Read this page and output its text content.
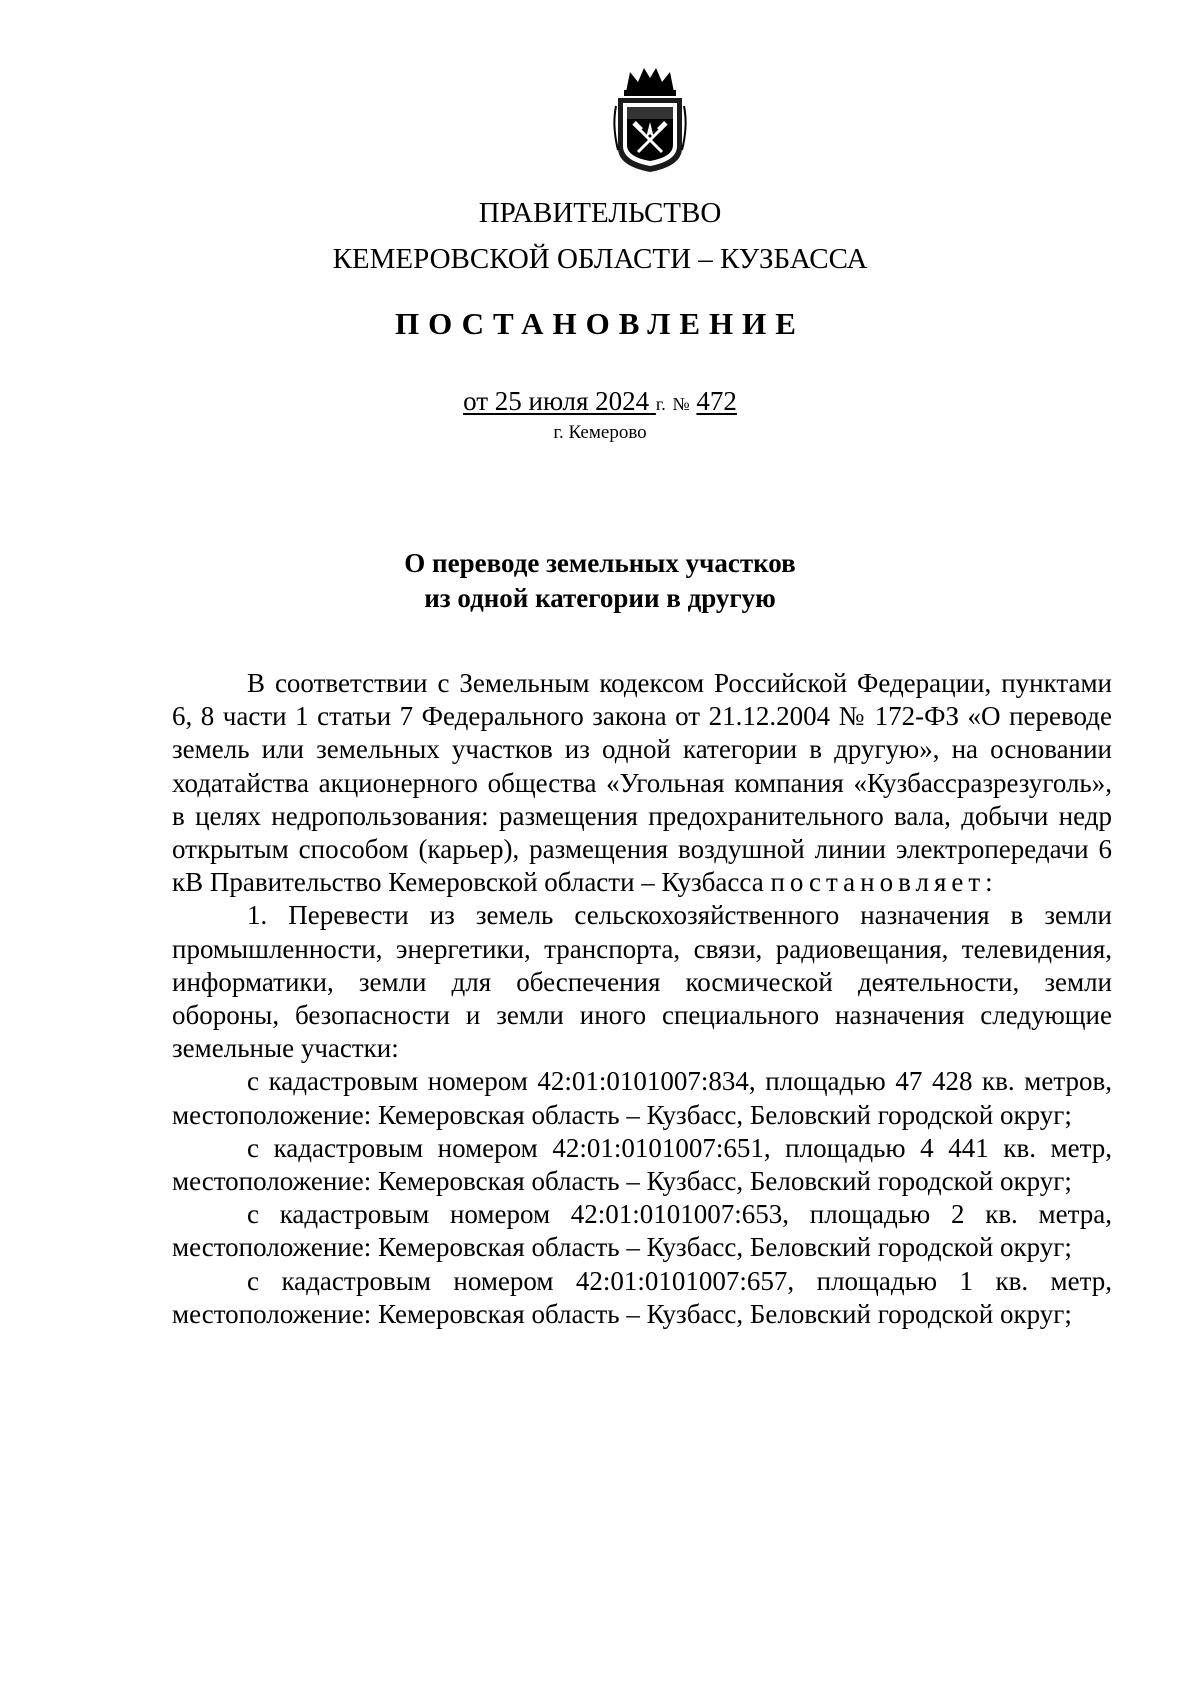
ПРАВИТЕЛЬСТВО
КЕМЕРОВСКОЙ ОБЛАСТИ – КУЗБАССА
ПОСТАНОВЛЕНИЕ
от 25 июля 2024 г. № 472
г. Кемерово
О переводе земельных участков
из одной категории в другую

В соответствии с Земельным кодексом Российской Федерации, пунктами 6, 8 части 1 статьи 7 Федерального закона от 21.12.2004 № 172-ФЗ «О переводе земель или земельных участков из одной категории в другую», на основании ходатайства акционерного общества «Угольная компания «Кузбассразрезуголь», в целях недропользования: размещения предохранительного вала, добычи недр открытым способом (карьер), размещения воздушной линии электропередачи 6 кВ Правительство Кемеровской области – Кузбасса постановляет:

1. Перевести из земель сельскохозяйственного назначения в земли промышленности, энергетики, транспорта, связи, радиовещания, телевидения, информатики, земли для обеспечения космической деятельности, земли обороны, безопасности и земли иного специального назначения следующие земельные участки:

с кадастровым номером 42:01:0101007:834, площадью 47 428 кв. метров, местоположение: Кемеровская область – Кузбасс, Беловский городской округ;

с кадастровым номером 42:01:0101007:651, площадью 4 441 кв. метр, местоположение: Кемеровская область – Кузбасс, Беловский городской округ;

с кадастровым номером 42:01:0101007:653, площадью 2 кв. метра, местоположение: Кемеровская область – Кузбасс, Беловский городской округ;

с кадастровым номером 42:01:0101007:657, площадью 1 кв. метр, местоположение: Кемеровская область – Кузбасс, Беловский городской округ;
